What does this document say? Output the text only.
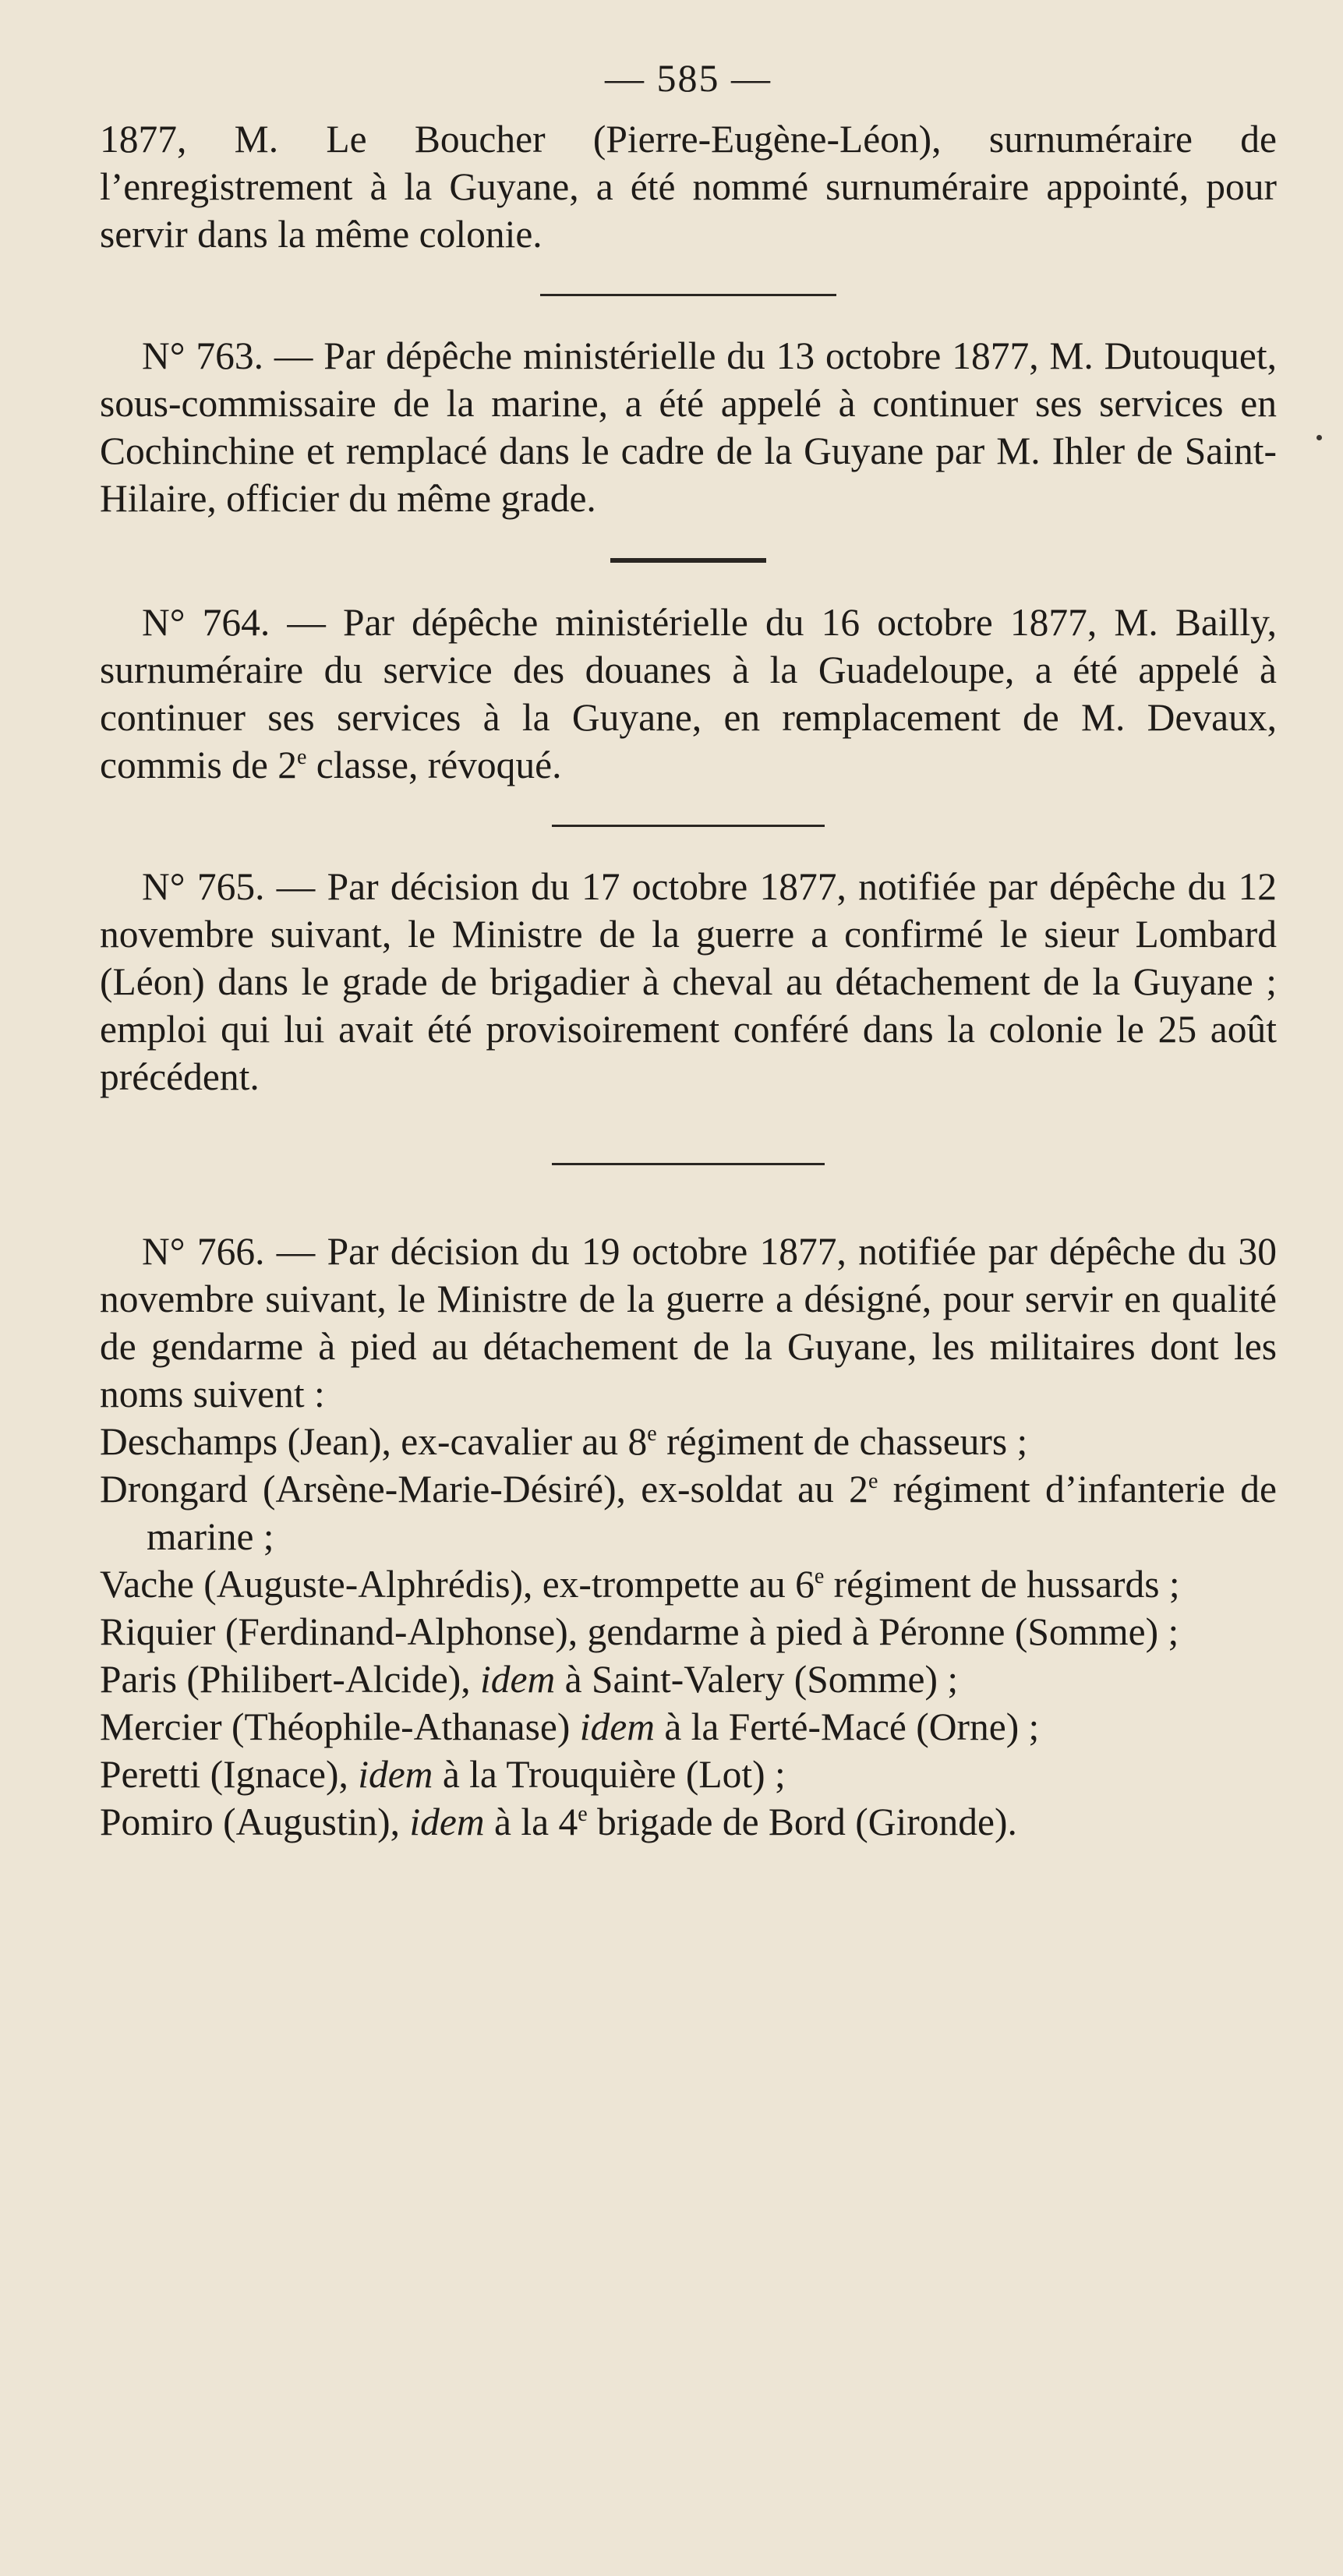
— 585 —

1877, M. Le Boucher (Pierre-Eugène-Léon), surnuméraire de l’enregistrement à la Guyane, a été nommé surnuméraire appointé, pour servir dans la même colonie.

N° 763. — Par dépêche ministérielle du 13 octobre 1877, M. Dutouquet, sous-commissaire de la marine, a été appelé à continuer ses services en Cochinchine et remplacé dans le cadre de la Guyane par M. Ihler de Saint-Hilaire, officier du même grade.

N° 764. — Par dépêche ministérielle du 16 octobre 1877, M. Bailly, surnuméraire du service des douanes à la Guadeloupe, a été appelé à continuer ses services à la Guyane, en remplacement de M. Devaux, commis de 2e classe, révoqué.

N° 765. — Par décision du 17 octobre 1877, notifiée par dépêche du 12 novembre suivant, le Ministre de la guerre a confirmé le sieur Lombard (Léon) dans le grade de brigadier à cheval au détachement de la Guyane ; emploi qui lui avait été provisoirement conféré dans la colonie le 25 août précédent.

N° 766. — Par décision du 19 octobre 1877, notifiée par dépêche du 30 novembre suivant, le Ministre de la guerre a désigné, pour servir en qualité de gendarme à pied au détachement de la Guyane, les militaires dont les noms suivent :

Deschamps (Jean), ex-cavalier au 8e régiment de chasseurs ;
Drongard (Arsène-Marie-Désiré), ex-soldat au 2e régiment d’infanterie de marine ;
Vache (Auguste-Alphrédis), ex-trompette au 6e régiment de hussards ;
Riquier (Ferdinand-Alphonse), gendarme à pied à Péronne (Somme) ;
Paris (Philibert-Alcide), idem à Saint-Valery (Somme) ;
Mercier (Théophile-Athanase) idem à la Ferté-Macé (Orne) ;
Peretti (Ignace), idem à la Trouquière (Lot) ;
Pomiro (Augustin), idem à la 4e brigade de Bord (Gironde).
